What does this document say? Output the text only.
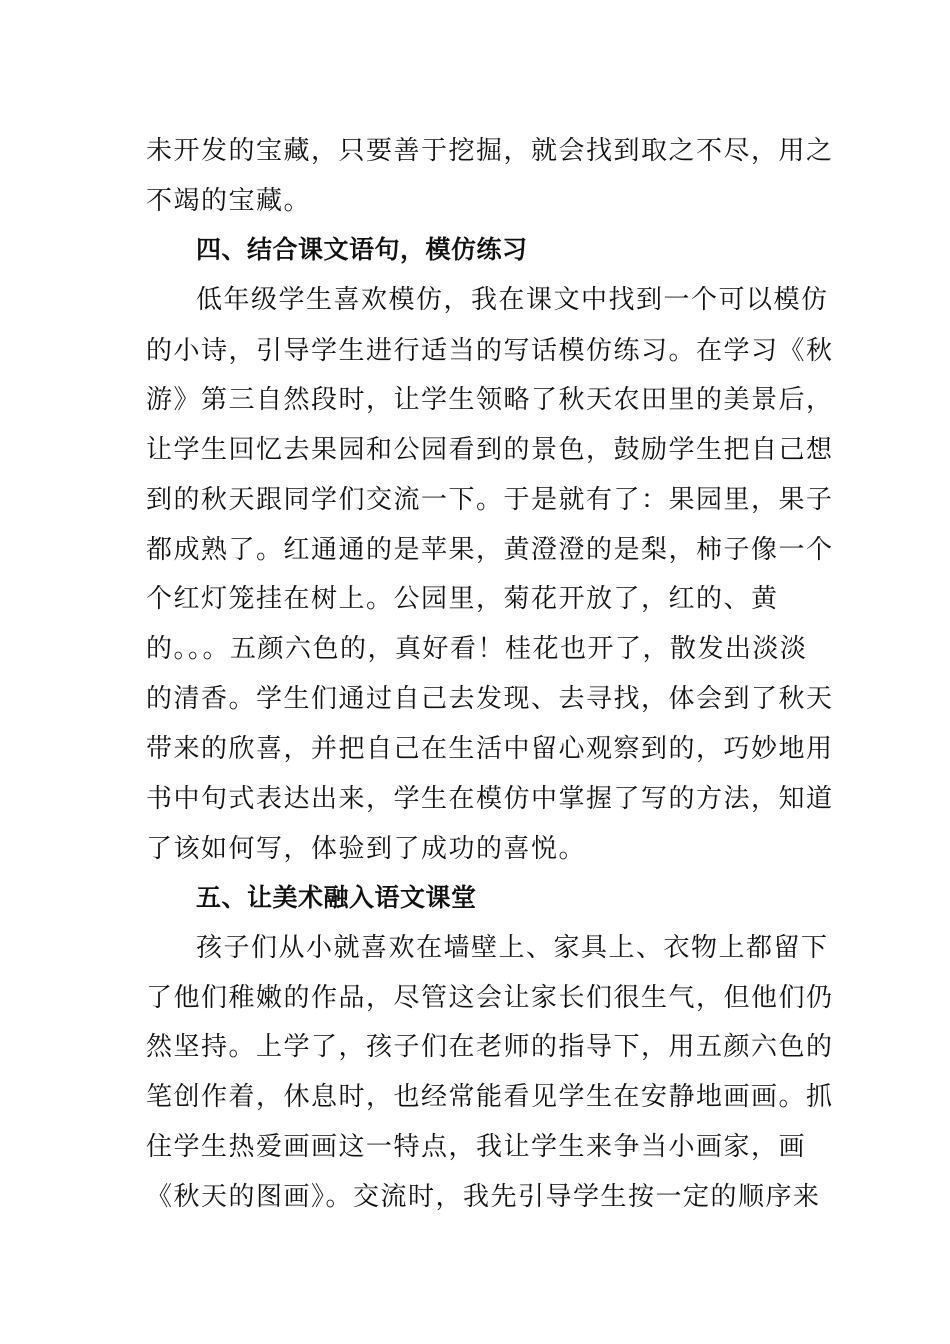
未开发的宝藏，只要善于挖掘，就会找到取之不尽，用之
不竭的宝藏。
四、结合课文语句，模仿练习
低年级学生喜欢模仿，我在课文中找到一个可以模仿
的小诗，引导学生进行适当的写话模仿练习。在学习《秋
游》第三自然段时，让学生领略了秋天农田里的美景后，
让学生回忆去果园和公园看到的景色，鼓励学生把自己想
到的秋天跟同学们交流一下。于是就有了：果园里，果子
都成熟了。红通通的是苹果，黄澄澄的是梨，柿子像一个
个红灯笼挂在树上。公园里，菊花开放了，红的、黄
的。。。五颜六色的，真好看！桂花也开了，散发出淡淡
的清香。学生们通过自己去发现、去寻找，体会到了秋天
带来的欣喜，并把自己在生活中留心观察到的，巧妙地用
书中句式表达出来，学生在模仿中掌握了写的方法，知道
了该如何写，体验到了成功的喜悦。
五、让美术融入语文课堂
孩子们从小就喜欢在墙壁上、家具上、衣物上都留下
了他们稚嫩的作品，尽管这会让家长们很生气，但他们仍
然坚持。上学了，孩子们在老师的指导下，用五颜六色的
笔创作着，休息时，也经常能看见学生在安静地画画。抓
住学生热爱画画这一特点，我让学生来争当小画家，画
《秋天的图画》。交流时，我先引导学生按一定的顺序来
